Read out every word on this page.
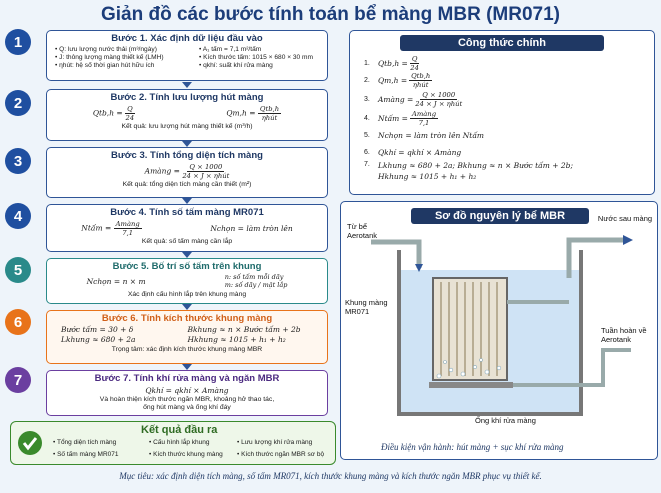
Giản đồ các bước tính toán bể màng MBR (MR071)
1
2
3
4
5
6
7
Bước 1. Xác định dữ liệu đầu vào
• Q: lưu lượng nước thải (m³/ngày)	• A₁ tấm = 7,1 m²/tấm
• J: thông lượng màng thiết kế (LMH)	• Kích thước tấm: 1015 × 680 × 30 mm
• ηhút: hệ số thời gian hút hữu ích	• qkhí: suất khí rửa màng
Bước 2. Tính lưu lượng hút màng
$Qtb,h = \frac{Q}{24}$	$Qm,h = \frac{\text{Qtb,h}}{\text{ηhút}}$
Kết quả: lưu lượng hút màng thiết kế (m³/h)
Bước 3. Tính tổng diện tích màng
Amàng = $\frac{Q \times 1000}{\text{24 × J × ηhút}}$
Kết quả: tổng diện tích màng cần thiết (m²)
Bước 4. Tính số tấm màng MR071
Ntấm = $\frac{\text{Amàng}}{7,1}$	Nchọn = làm tròn lên
Kết quả: số tấm màng cần lắp
Bước 5. Bố trí số tấm trên khung
Nchọn = n × m
n: số tấm mỗi dãy
m: số dãy / mặt lắp
Xác định cấu hình lắp trên khung màng
Bước 6. Tính kích thước khung màng
Bước tấm = 30 + δ	Bkhung ≈ n × Bước tấm + 2b
Lkhung ≈ 680 + 2a	Hkhung ≈ 1015 + h₁ + h₂
Trọng tâm: xác định kích thước khung màng MBR
Bước 7. Tính khí rửa màng và ngăn MBR
Qkhí = qkhí × Amàng
Và hoàn thiện kích thước ngăn MBR, khoảng hở thao tác, ống hút màng và ống khí đáy
Công thức chính
1.	Qtb,h =
$\frac{Q}{24}$
2.	Qm,h =
$\frac{\text{Qtb,h}}{\text{ηhút}}$
3.	Amàng =
$\frac{Q \times 1000}{\text{24 × J × ηhút}}$
4.	Ntấm =
$\frac{\text{Amàng}}{7,1}$
5.	Nchọn = làm tròn lên Ntấm
6.	Qkhí = qkhí × Amàng
7.	Lkhung ≈ 680 + 2a; Bkhung ≈ n × Bước tấm + 2b;
Hkhung ≈ 1015 + h₁ + h₂
Sơ đồ nguyên lý bể MBR
Từ bể Aerotank
Nước sau màng
Khung màng MR071
Tuần hoàn về Aerotank
Ống khí rửa màng
Điều kiện vận hành: hút màng + sục khí rửa màng
Kết quả đầu ra
• Tổng diện tích màng	• Cấu hình lắp khung	• Lưu lượng khí rửa màng
• Số tấm màng MR071	• Kích thước khung màng • Kích thước ngăn MBR sơ bộ
Mục tiêu: xác định diện tích màng, số tấm MR071, kích thước khung màng và kích thước ngăn MBR phục vụ thiết kế.
